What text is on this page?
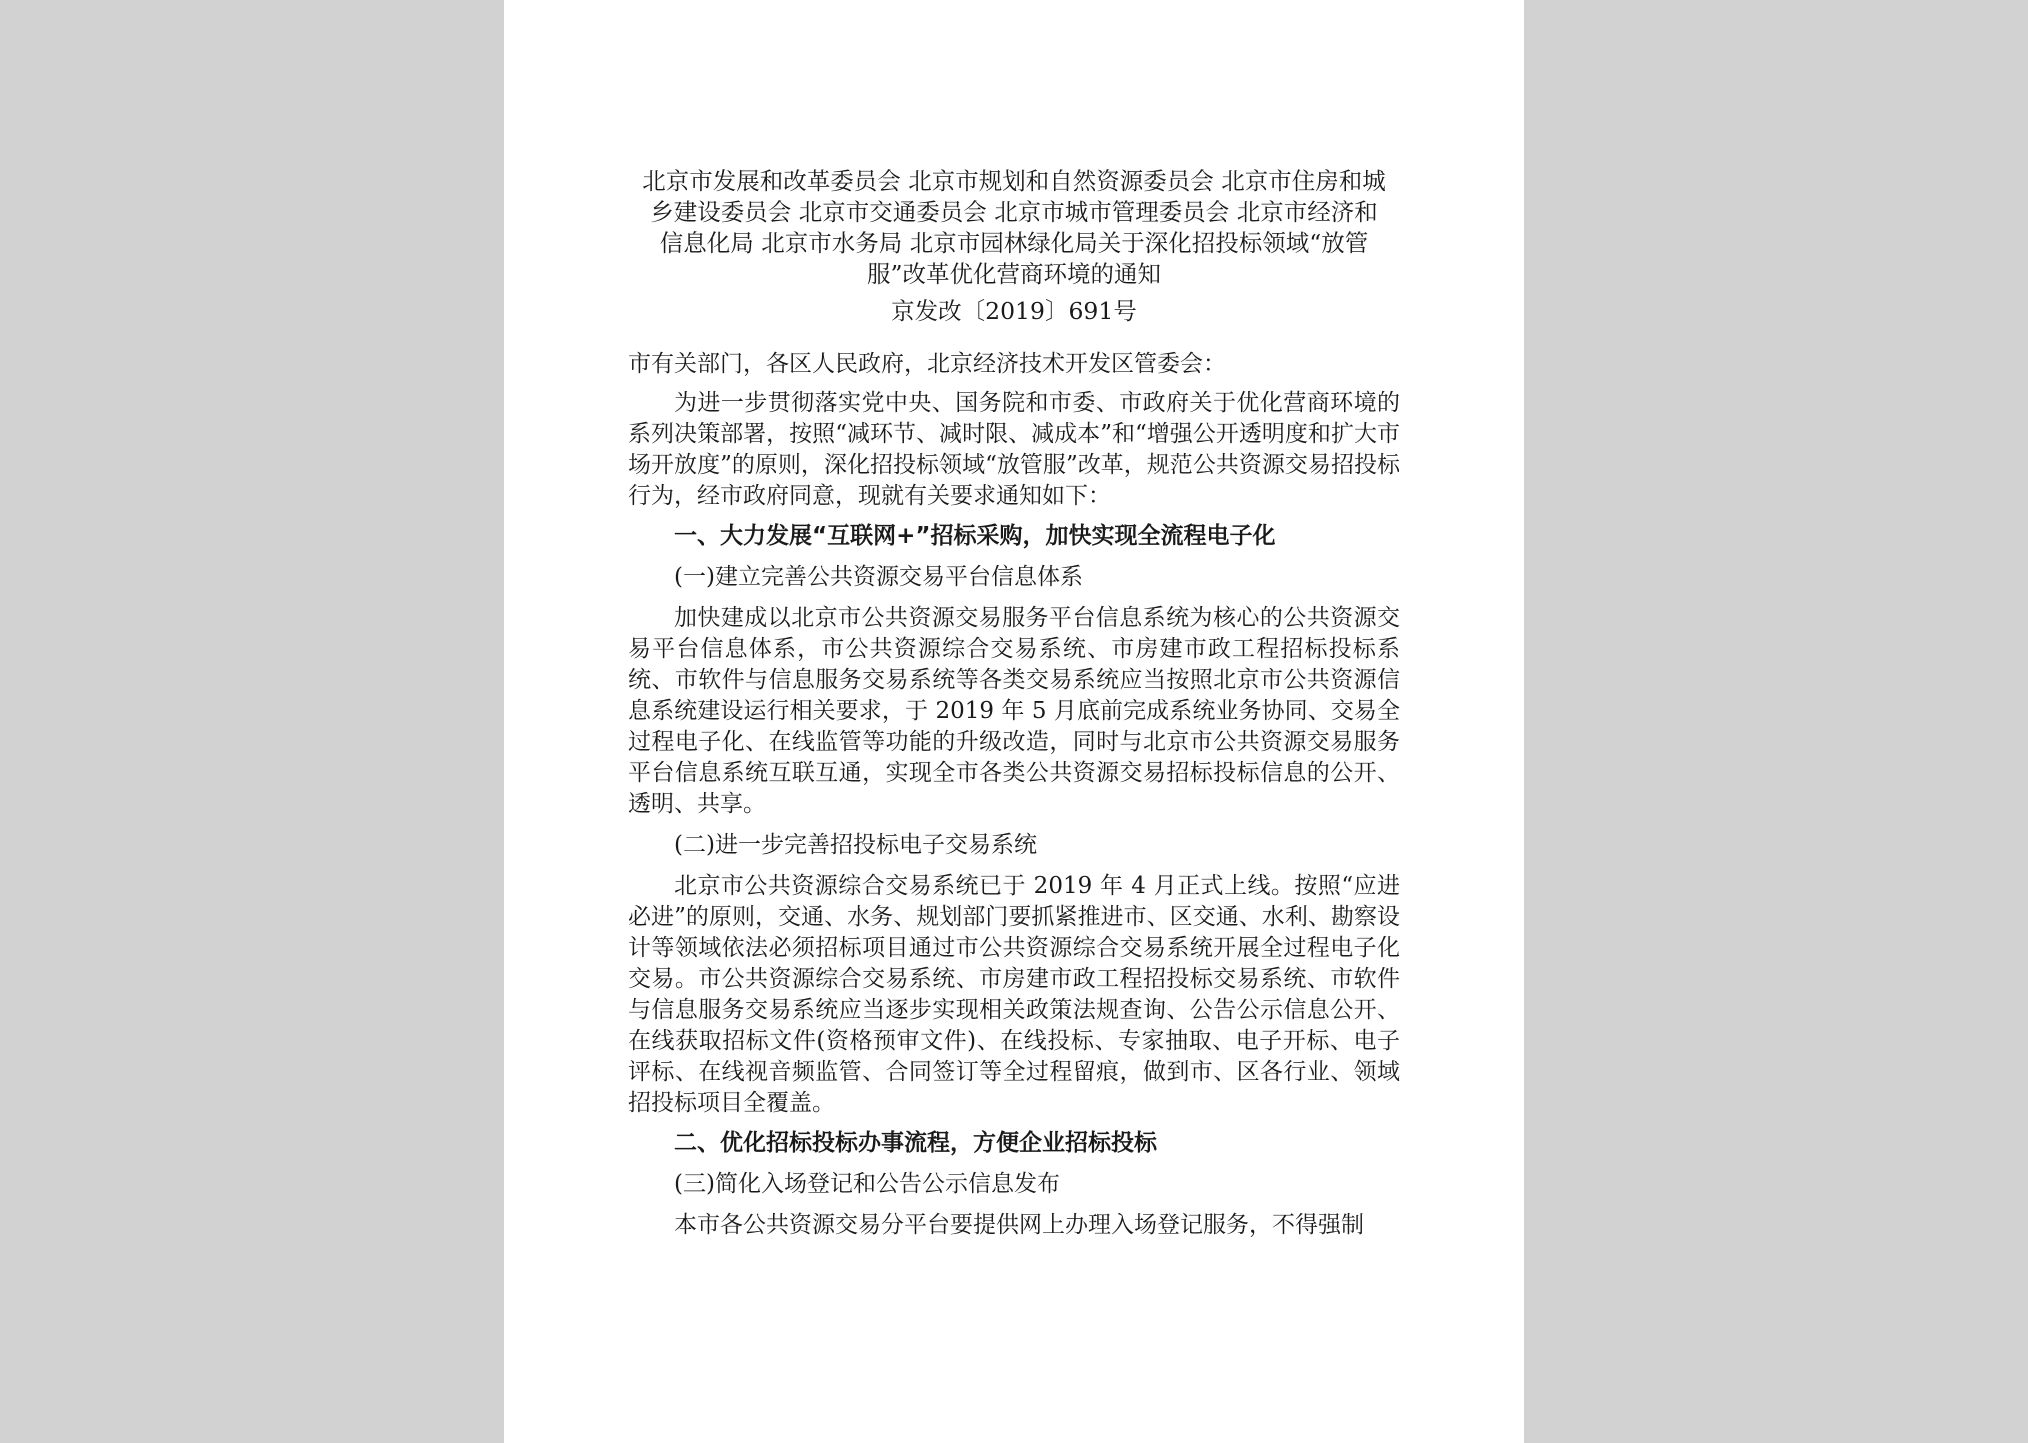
北京市发展和改革委员会 北京市规划和自然资源委员会 北京市住房和城
乡建设委员会 北京市交通委员会 北京市城市管理委员会 北京市经济和
信息化局 北京市水务局 北京市园林绿化局关于深化招投标领域“放管
服”改革优化营商环境的通知
京发改〔2019〕691号

市有关部门，各区人民政府，北京经济技术开发区管委会：

为进一步贯彻落实党中央、国务院和市委、市政府关于优化营商环境的系列决策部署，按照“减环节、减时限、减成本”和“增强公开透明度和扩大市场开放度”的原则，深化招投标领域“放管服”改革，规范公共资源交易招投标行为，经市政府同意，现就有关要求通知如下：

一、大力发展“互联网+”招标采购，加快实现全流程电子化

(一)建立完善公共资源交易平台信息体系

加快建成以北京市公共资源交易服务平台信息系统为核心的公共资源交易平台信息体系，市公共资源综合交易系统、市房建市政工程招标投标系统、市软件与信息服务交易系统等各类交易系统应当按照北京市公共资源信息系统建设运行相关要求，于 2019 年 5 月底前完成系统业务协同、交易全过程电子化、在线监管等功能的升级改造，同时与北京市公共资源交易服务平台信息系统互联互通，实现全市各类公共资源交易招标投标信息的公开、透明、共享。

(二)进一步完善招投标电子交易系统

北京市公共资源综合交易系统已于 2019 年 4 月正式上线。按照“应进必进”的原则，交通、水务、规划部门要抓紧推进市、区交通、水利、勘察设计等领域依法必须招标项目通过市公共资源综合交易系统开展全过程电子化交易。市公共资源综合交易系统、市房建市政工程招投标交易系统、市软件与信息服务交易系统应当逐步实现相关政策法规查询、公告公示信息公开、在线获取招标文件(资格预审文件)、在线投标、专家抽取、电子开标、电子评标、在线视音频监管、合同签订等全过程留痕，做到市、区各行业、领域招投标项目全覆盖。

二、优化招标投标办事流程，方便企业招标投标

(三)简化入场登记和公告公示信息发布

本市各公共资源交易分平台要提供网上办理入场登记服务，不得强制
